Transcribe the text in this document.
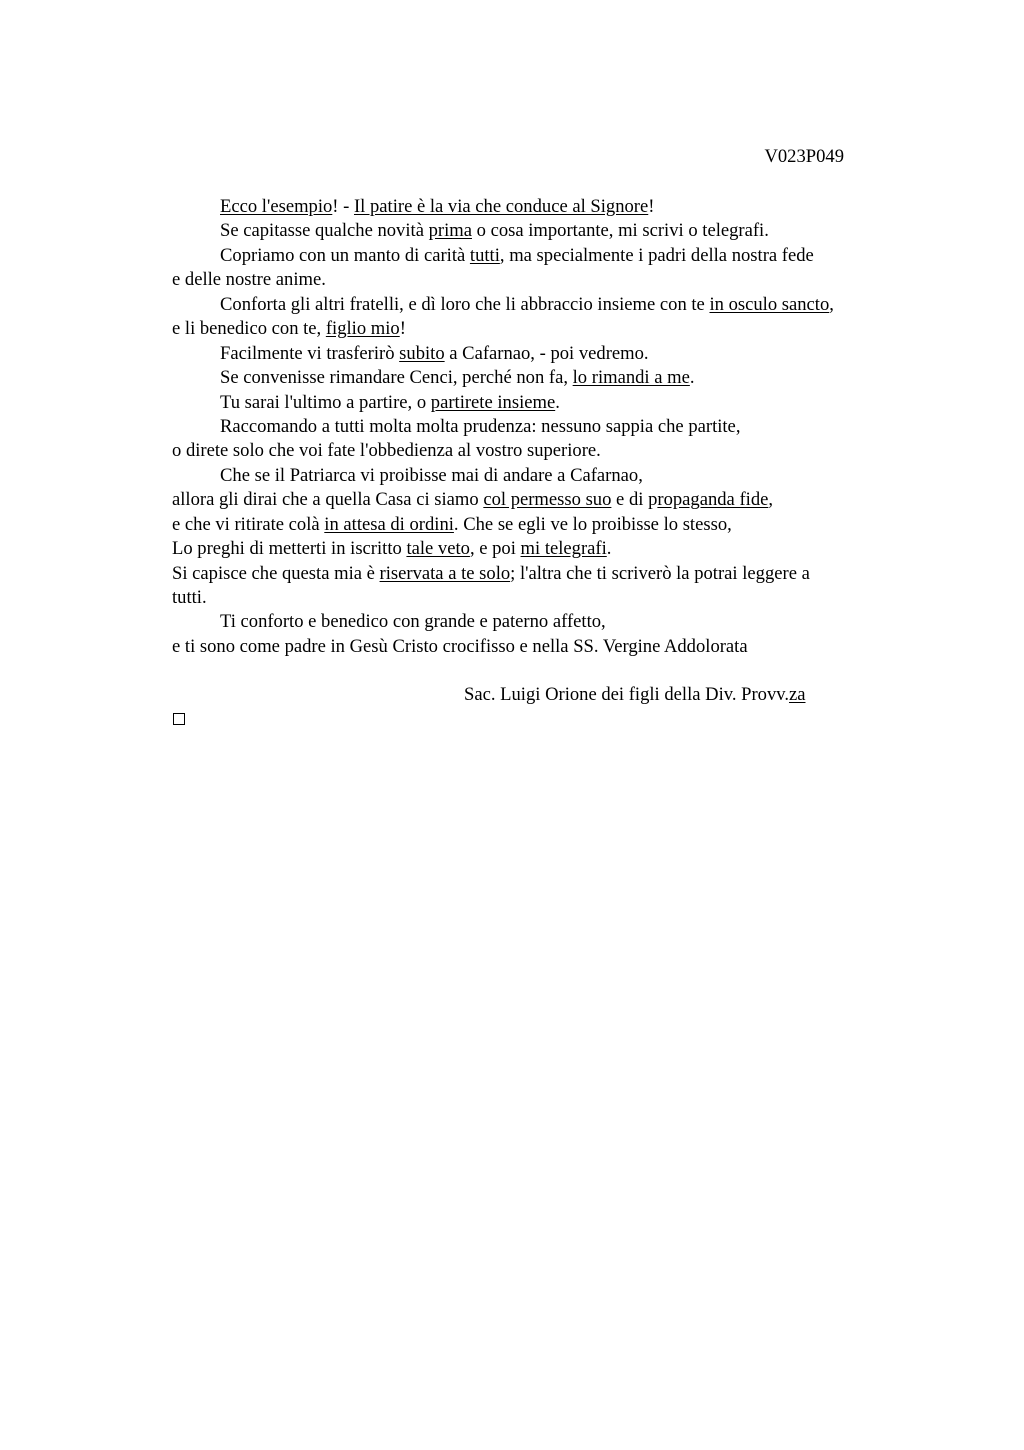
V023P049
Ecco l'esempio! - Il patire è la via che conduce al Signore!
Se capitasse qualche novità prima o cosa importante, mi scrivi o telegrafi.
Copriamo con un manto di carità tutti, ma specialmente i padri della nostra fede
e delle nostre anime.
Conforta gli altri fratelli, e dì loro che li abbraccio insieme con te in osculo sancto,
e li benedico con te, figlio mio!
Facilmente vi trasferirò subito a Cafarnao, - poi vedremo.
Se convenisse rimandare Cenci, perché non fa, lo rimandi a me.
Tu sarai l'ultimo a partire, o partirete insieme.
Raccomando a tutti molta molta prudenza: nessuno sappia che partite,
o direte solo che voi fate l'obbedienza al vostro superiore.
Che se il Patriarca vi proibisse mai di andare a Cafarnao,
allora gli dirai che a quella Casa ci siamo col permesso suo e di propaganda fide,
e che vi ritirate colà in attesa di ordini. Che se egli ve lo proibisse lo stesso,
Lo preghi di metterti in iscritto tale veto, e poi mi telegrafi.
Si capisce che questa mia è riservata a te solo; l'altra che ti scriverò la potrai leggere a
tutti.
Ti conforto e benedico con grande e paterno affetto,
e ti sono come padre in Gesù Cristo crocifisso e nella SS. Vergine Addolorata
Sac. Luigi Orione dei figli della Div. Provv.za
